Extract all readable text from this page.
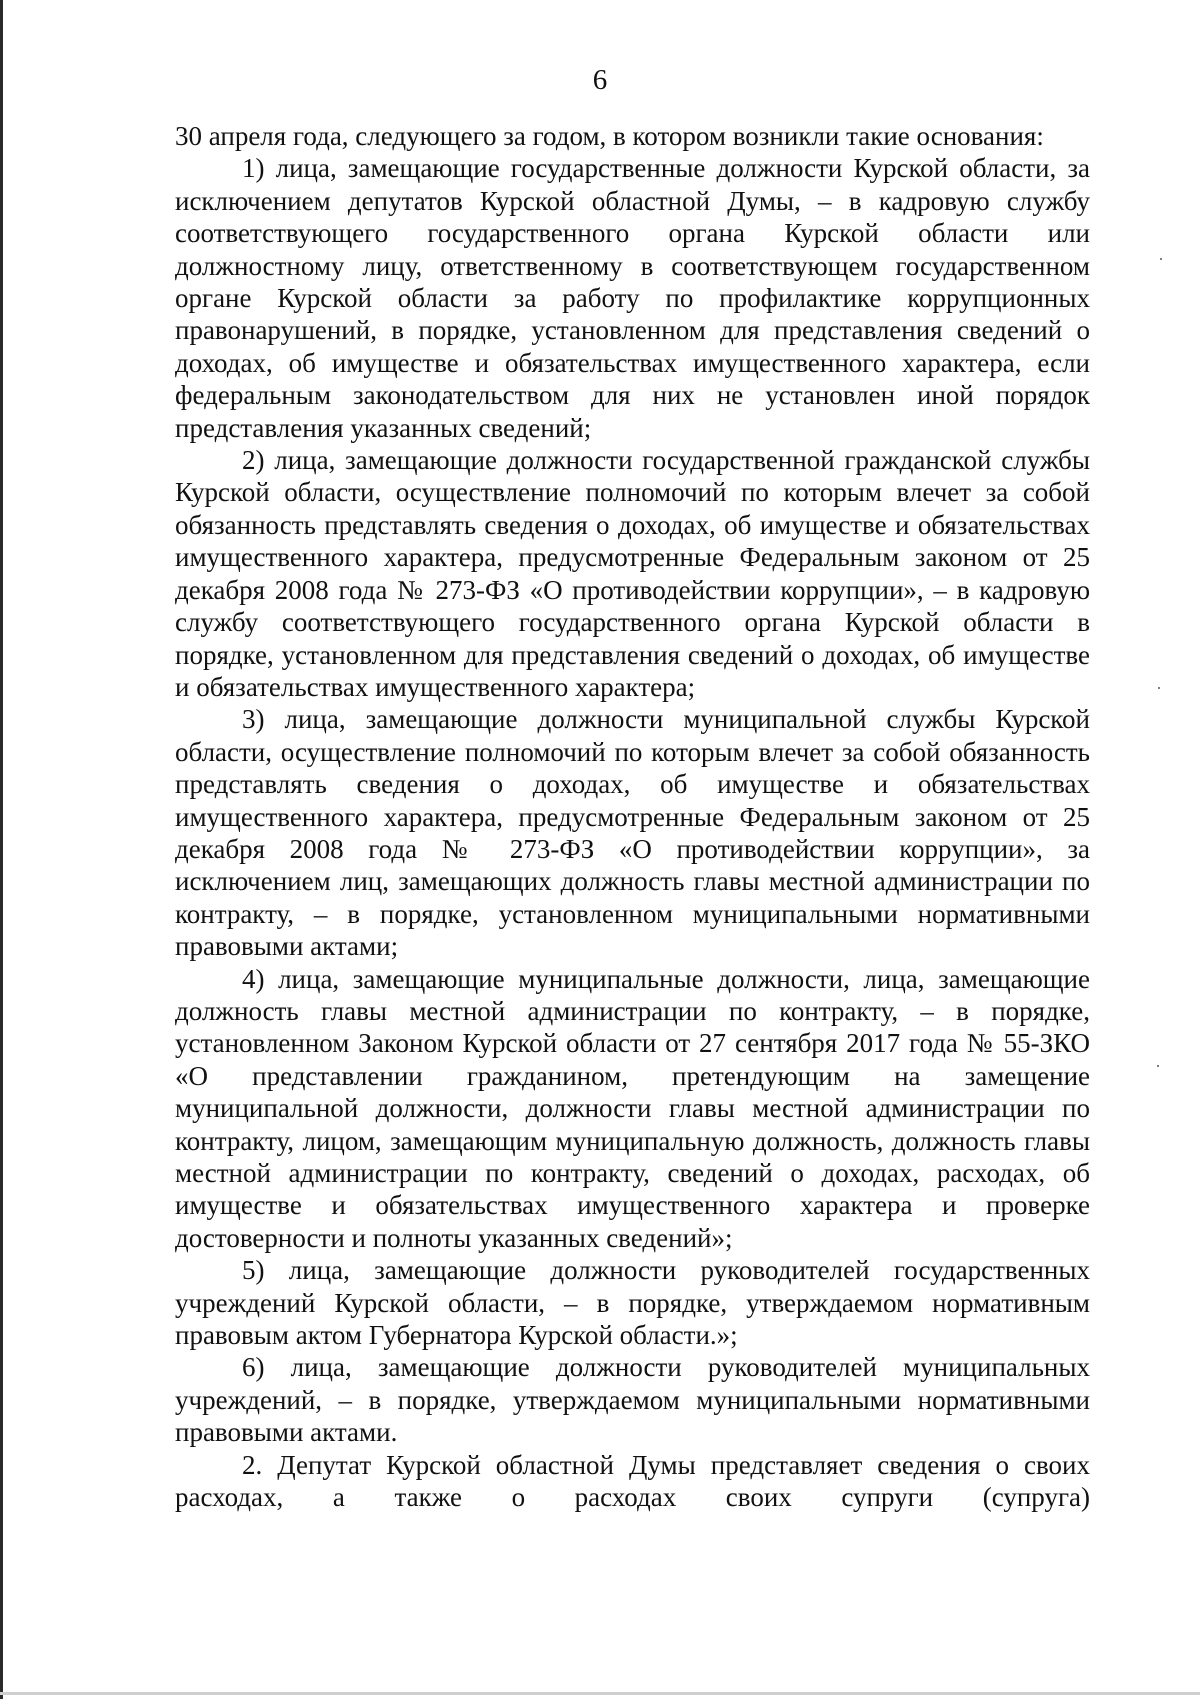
6

30 апреля года, следующего за годом, в котором возникли такие основания:

1) лица, замещающие государственные должности Курской области, за исключением депутатов Курской областной Думы, – в кадровую службу соответствующего государственного органа Курской области или должностному лицу, ответственному в соответствующем государственном органе Курской области за работу по профилактике коррупционных правонарушений, в порядке, установленном для представления сведений о доходах, об имуществе и обязательствах имущественного характера, если федеральным законодательством для них не установлен иной порядок представления указанных сведений;

2) лица, замещающие должности государственной гражданской службы Курской области, осуществление полномочий по которым влечет за собой обязанность представлять сведения о доходах, об имуществе и обязательствах имущественного характера, предусмотренные Федеральным законом от 25 декабря 2008 года № 273-ФЗ «О противодействии коррупции», – в кадровую службу соответствующего государственного органа Курской области в порядке, установленном для представления сведений о доходах, об имуществе и обязательствах имущественного характера;

3) лица, замещающие должности муниципальной службы Курской области, осуществление полномочий по которым влечет за собой обязанность представлять сведения о доходах, об имуществе и обязательствах имущественного характера, предусмотренные Федеральным законом от 25 декабря 2008 года № 273-ФЗ «О противодействии коррупции», за исключением лиц, замещающих должность главы местной администрации по контракту, – в порядке, установленном муниципальными нормативными правовыми актами;

4) лица, замещающие муниципальные должности, лица, замещающие должность главы местной администрации по контракту, – в порядке, установленном Законом Курской области от 27 сентября 2017 года № 55-ЗКО «О представлении гражданином, претендующим на замещение муниципальной должности, должности главы местной администрации по контракту, лицом, замещающим муниципальную должность, должность главы местной администрации по контракту, сведений о доходах, расходах, об имуществе и обязательствах имущественного характера и проверке достоверности и полноты указанных сведений»;

5) лица, замещающие должности руководителей государственных учреждений Курской области, – в порядке, утверждаемом нормативным правовым актом Губернатора Курской области.»;

6) лица, замещающие должности руководителей муниципальных учреждений, – в порядке, утверждаемом муниципальными нормативными правовыми актами.

2. Депутат Курской областной Думы представляет сведения о своих расходах, а также о расходах своих супруги (супруга)
